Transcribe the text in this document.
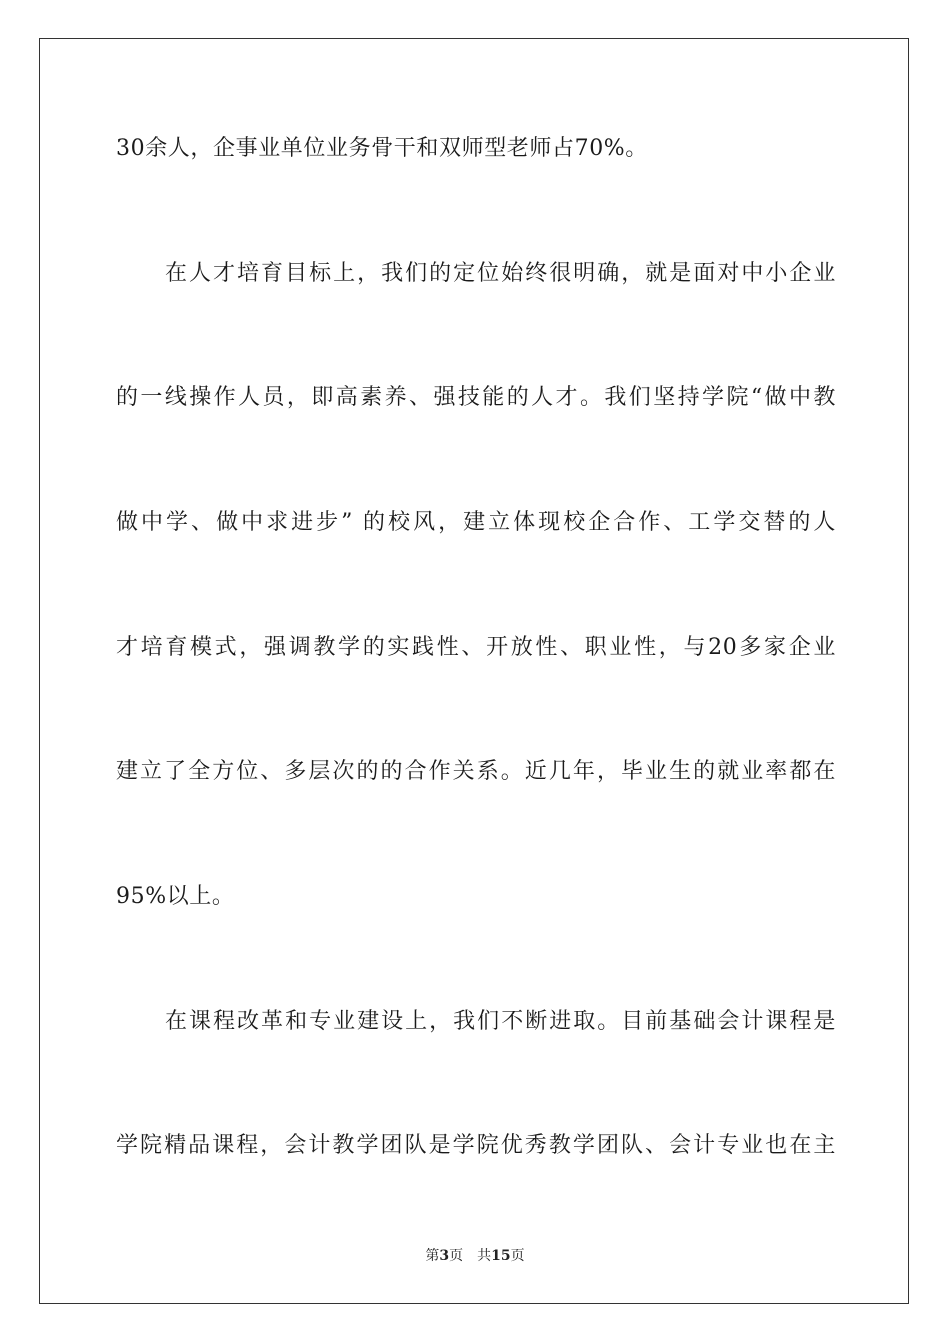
30余人，企事业单位业务骨干和双师型老师占70%。
在人才培育目标上，我们的定位始终很明确，就是面对中小企业
的一线操作人员，即高素养、强技能的人才。我们坚持学院“做中教
做中学、做中求进步” 的校风，建立体现校企合作、工学交替的人
才培育模式，强调教学的实践性、开放性、职业性，与20多家企业
建立了全方位、多层次的的合作关系。近几年，毕业生的就业率都在
95%以上。
在课程改革和专业建设上，我们不断进取。目前基础会计课程是
学院精品课程，会计教学团队是学院优秀教学团队、会计专业也在主
第3页 共15页
